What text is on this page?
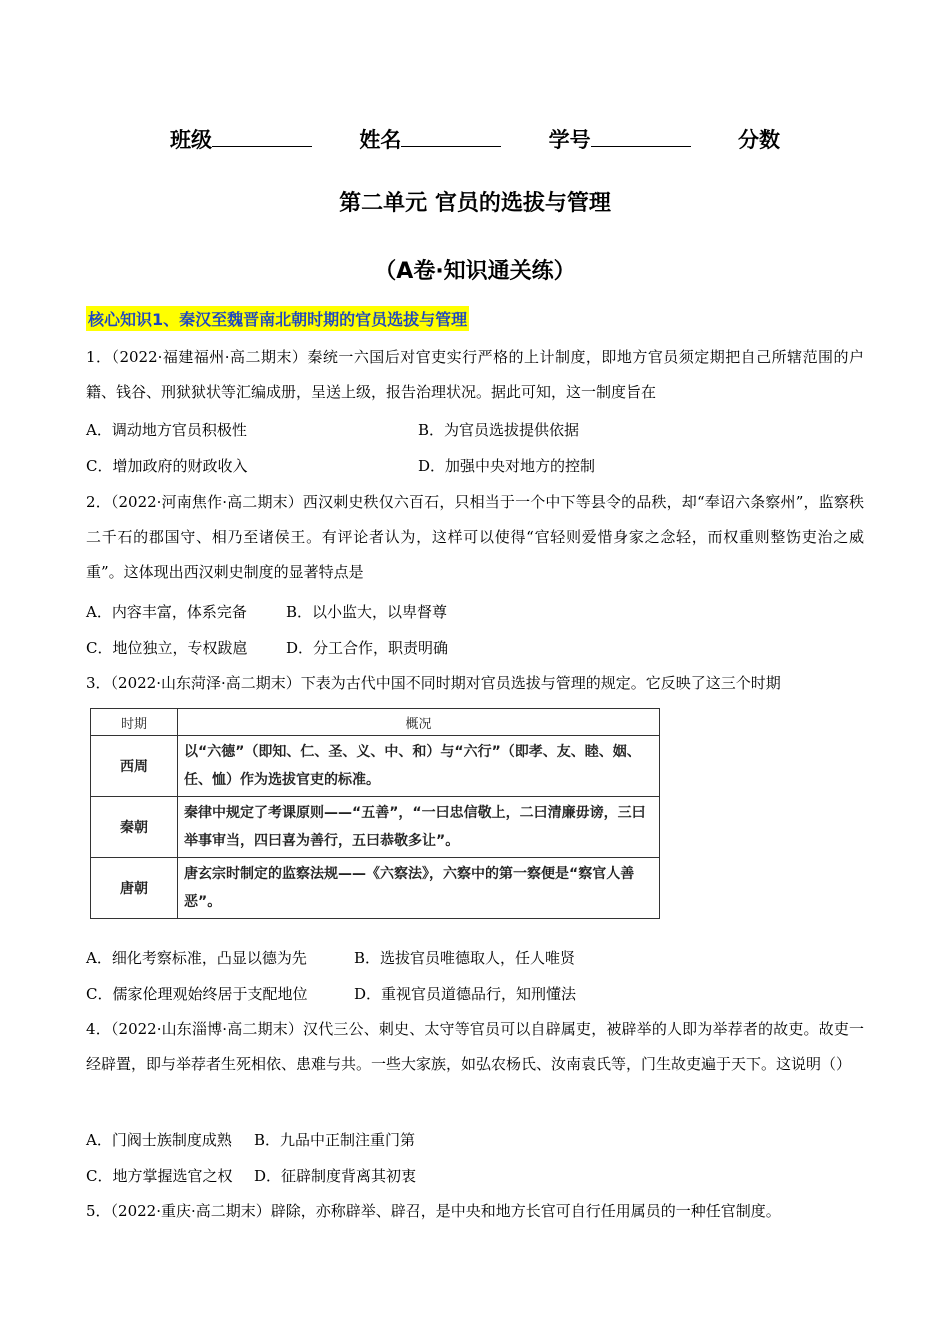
班级	姓名	学号	分数
第二单元 官员的选拔与管理
（A卷·知识通关练）
核心知识1、秦汉至魏晋南北朝时期的官员选拔与管理
1．（2022·福建福州·高二期末）秦统一六国后对官吏实行严格的上计制度，即地方官员须定期把自己所辖范围的户籍、钱谷、刑狱狱状等汇编成册，呈送上级，报告治理状况。据此可知，这一制度旨在
A．调动地方官员积极性	B．为官员选拔提供依据
C．增加政府的财政收入	D．加强中央对地方的控制
2．（2022·河南焦作·高二期末）西汉刺史秩仅六百石，只相当于一个中下等县令的品秩，却“奉诏六条察州”，监察秩二千石的郡国守、相乃至诸侯王。有评论者认为，这样可以使得“官轻则爱惜身家之念轻，而权重则整饬吏治之威重”。这体现出西汉刺史制度的显著特点是
A．内容丰富，体系完备	B．以小监大，以卑督尊
C．地位独立，专权跋扈	D．分工合作，职责明确
3．（2022·山东菏泽·高二期末）下表为古代中国不同时期对官员选拔与管理的规定。它反映了这三个时期
时期	概况
西周	以“六德”（即知、仁、圣、义、中、和）与“六行”（即孝、友、睦、姻、任、恤）作为选拔官吏的标准。
秦朝	秦律中规定了考课原则——“五善”，“一曰忠信敬上，二曰清廉毋谤，三曰举事审当，四曰喜为善行，五曰恭敬多让”。
唐朝	唐玄宗时制定的监察法规——《六察法》，六察中的第一察便是“察官人善恶”。
A．细化考察标准，凸显以德为先	B．选拔官员唯德取人，任人唯贤
C．儒家伦理观始终居于支配地位	D．重视官员道德品行，知刑懂法
4．（2022·山东淄博·高二期末）汉代三公、刺史、太守等官员可以自辟属吏，被辟举的人即为举荐者的故吏。故吏一经辟置，即与举荐者生死相依、患难与共。一些大家族，如弘农杨氏、汝南袁氏等，门生故吏遍于天下。这说明（）
A．门阀士族制度成熟 B．九品中正制注重门第
C．地方掌握选官之权 D．征辟制度背离其初衷
5．（2022·重庆·高二期末）辟除，亦称辟举、辟召，是中央和地方长官可自行任用属员的一种任官制度。
